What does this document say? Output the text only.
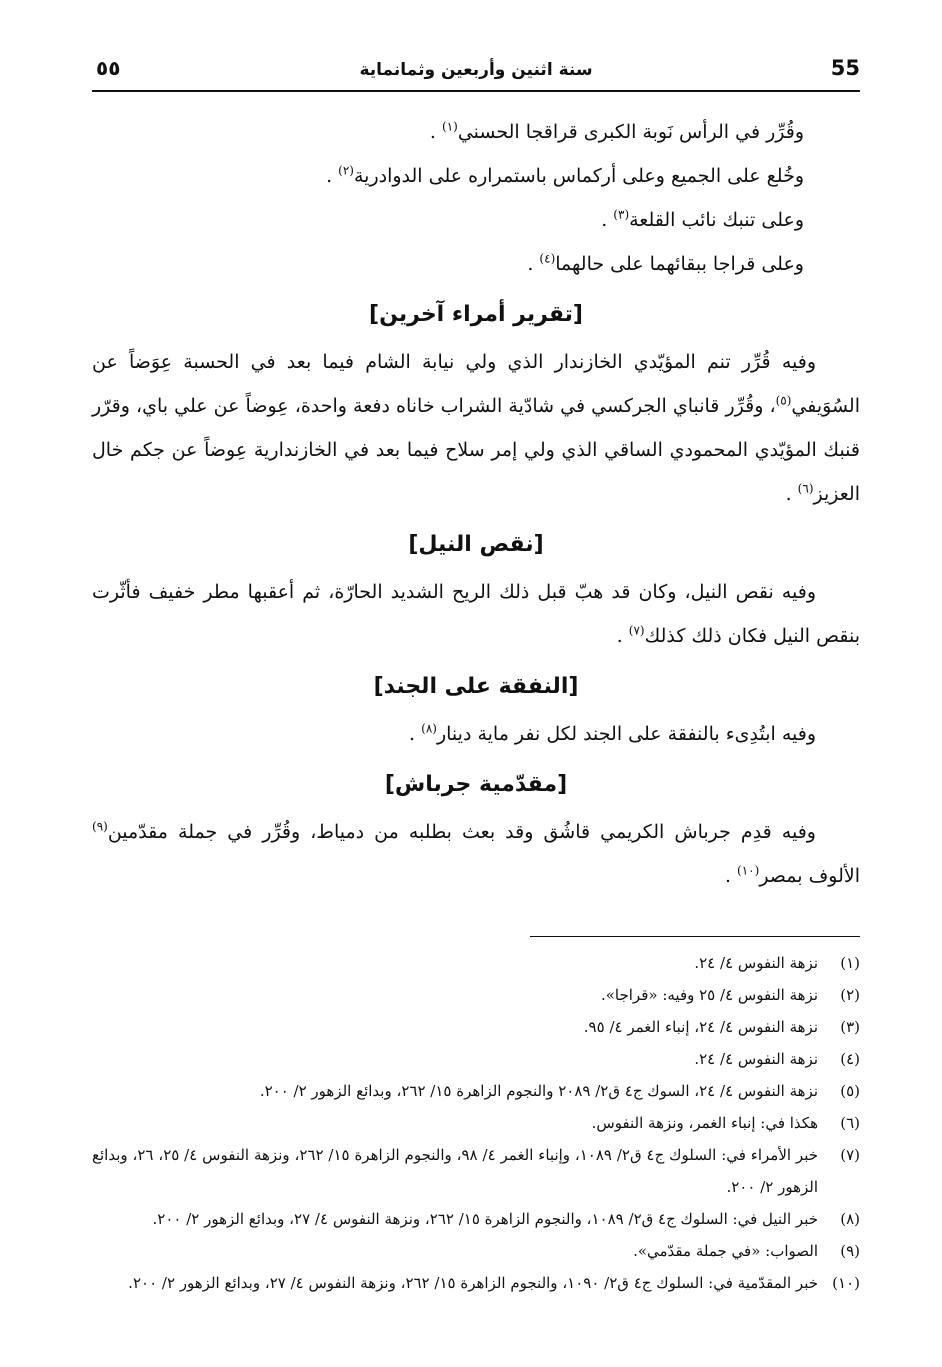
55
سنة اثنين وأربعين وثمانماية
٥٥

وقُرِّر في الرأس نَوبة الكبرى قراقجا الحسني$^{(١)}$ .

وخُلع على الجميع وعلى أركماس باستمراره على الدوادرية$^{(٢)}$ .

وعلى تنبك نائب القلعة$^{(٣)}$ .

وعلى قراجا ببقائهما على حالهما$^{(٤)}$ .

[تقرير أمراء آخرين]

وفيه قُرِّر تنم المؤيّدي الخازندار الذي ولي نيابة الشام فيما بعد في الحسبة عِوَضاً عن السُوَيفي$^{(٥)}$، وقُرِّر قانباي الجركسي في شادّية الشراب خاناه دفعة واحدة، عِوضاً عن علي باي، وقرّر قنبك المؤيّدي المحمودي الساقي الذي ولي إمر سلاح فيما بعد في الخازندارية عِوضاً عن جكم خال العزيز$^{(٦)}$ .

[نقص النيل]

وفيه نقص النيل، وكان قد هبّ قبل ذلك الريح الشديد الحارّة، ثم أعقبها مطر خفيف فأثّرت بنقص النيل فكان ذلك كذلك$^{(٧)}$ .

[النفقة على الجند]

وفيه ابتُدِىء بالنفقة على الجند لكل نفر ماية دينار$^{(٨)}$ .

[مقدّمية جرباش]

وفيه قدِم جرباش الكريمي قاشُق وقد بعث بطلبه من دمياط، وقُرِّر في جملة مقدّمين$^{(٩)}$ الألوف بمصر$^{(١٠)}$ .

(١)
نزهة النفوس ٤/ ٢٤.
(٢)
نزهة النفوس ٤/ ٢٥ وفيه: «قراجا».
(٣)
نزهة النفوس ٤/ ٢٤، إنباء الغمر ٤/ ٩٥.
(٤)
نزهة النفوس ٤/ ٢٤.
(٥)
نزهة النفوس ٤/ ٢٤، السوك ج٤ ق٢/ ٢٠٨٩ والنجوم الزاهرة ١٥/ ٢٦٢، وبدائع الزهور ٢/ ٢٠٠.
(٦)
هكذا في: إنباء الغمر، ونزهة النفوس.
(٧)
خبر الأمراء في: السلوك ج٤ ق٢/ ١٠٨٩، وإنباء الغمر ٤/ ٩٨، والنجوم الزاهرة ١٥/ ٢٦٢، ونزهة النفوس ٤/ ٢٥، ٢٦، وبدائع الزهور ٢/ ٢٠٠.
(٨)
خبر النيل في: السلوك ج٤ ق٢/ ١٠٨٩، والنجوم الزاهرة ١٥/ ٢٦٢، ونزهة النفوس ٤/ ٢٧، وبدائع الزهور ٢/ ٢٠٠.
(٩)
الصواب: «في جملة مقدّمي».
(١٠)
خبر المقدّمية في: السلوك ج٤ ق٢/ ١٠٩٠، والنجوم الزاهرة ١٥/ ٢٦٢، ونزهة النفوس ٤/ ٢٧، وبدائع الزهور ٢/ ٢٠٠.
